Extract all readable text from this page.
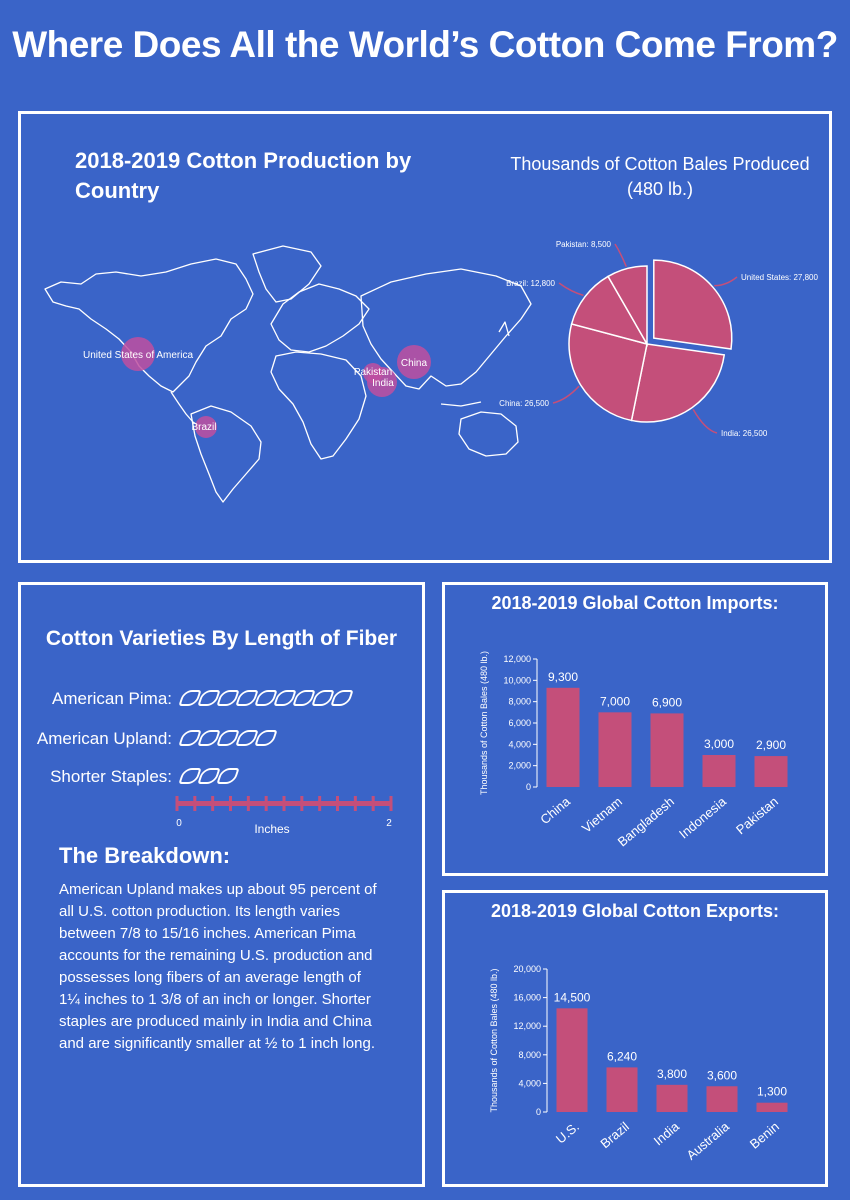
Where Does All the World’s Cotton Come From?
2018-2019 Cotton Production by Country
Thousands of Cotton Bales Produced (480 lb.)
United States of America
Brazil
Pakistan
India
China
United States: 27,800
India: 26,500
China: 26,500
Brazil: 12,800
Pakistan: 8,500
Cotton Varieties By Length of Fiber
American Pima:
American Upland:
Shorter Staples:
0	2
Inches
The Breakdown:
American Upland makes up about 95 percent of all U.S. cotton production. Its length varies between 7/8 to 15/16 inches. American Pima accounts for the remaining U.S. production and possesses long fibers of an average length of 1¼ inches to 1 3/8 of an inch or longer. Shorter staples are produced mainly in India and China and are significantly smaller at ½ to 1 inch long.
2018-2019 Global Cotton Imports:
0
2,000
4,000
6,000
8,000
10,000
12,000
Thousands of Cotton Bales (480 lb.)	9,300
China
7,000
Vietnam
6,900
Bangladesh
3,000
Indonesia
2,900
Pakistan
2018-2019 Global Cotton Exports:
0
4,000
8,000
12,000
16,000
20,000
Thousands of Cotton Bales (480 lb.)	14,500
U.S.
6,240
Brazil
3,800
India
3,600
Australia
1,300
Benin
